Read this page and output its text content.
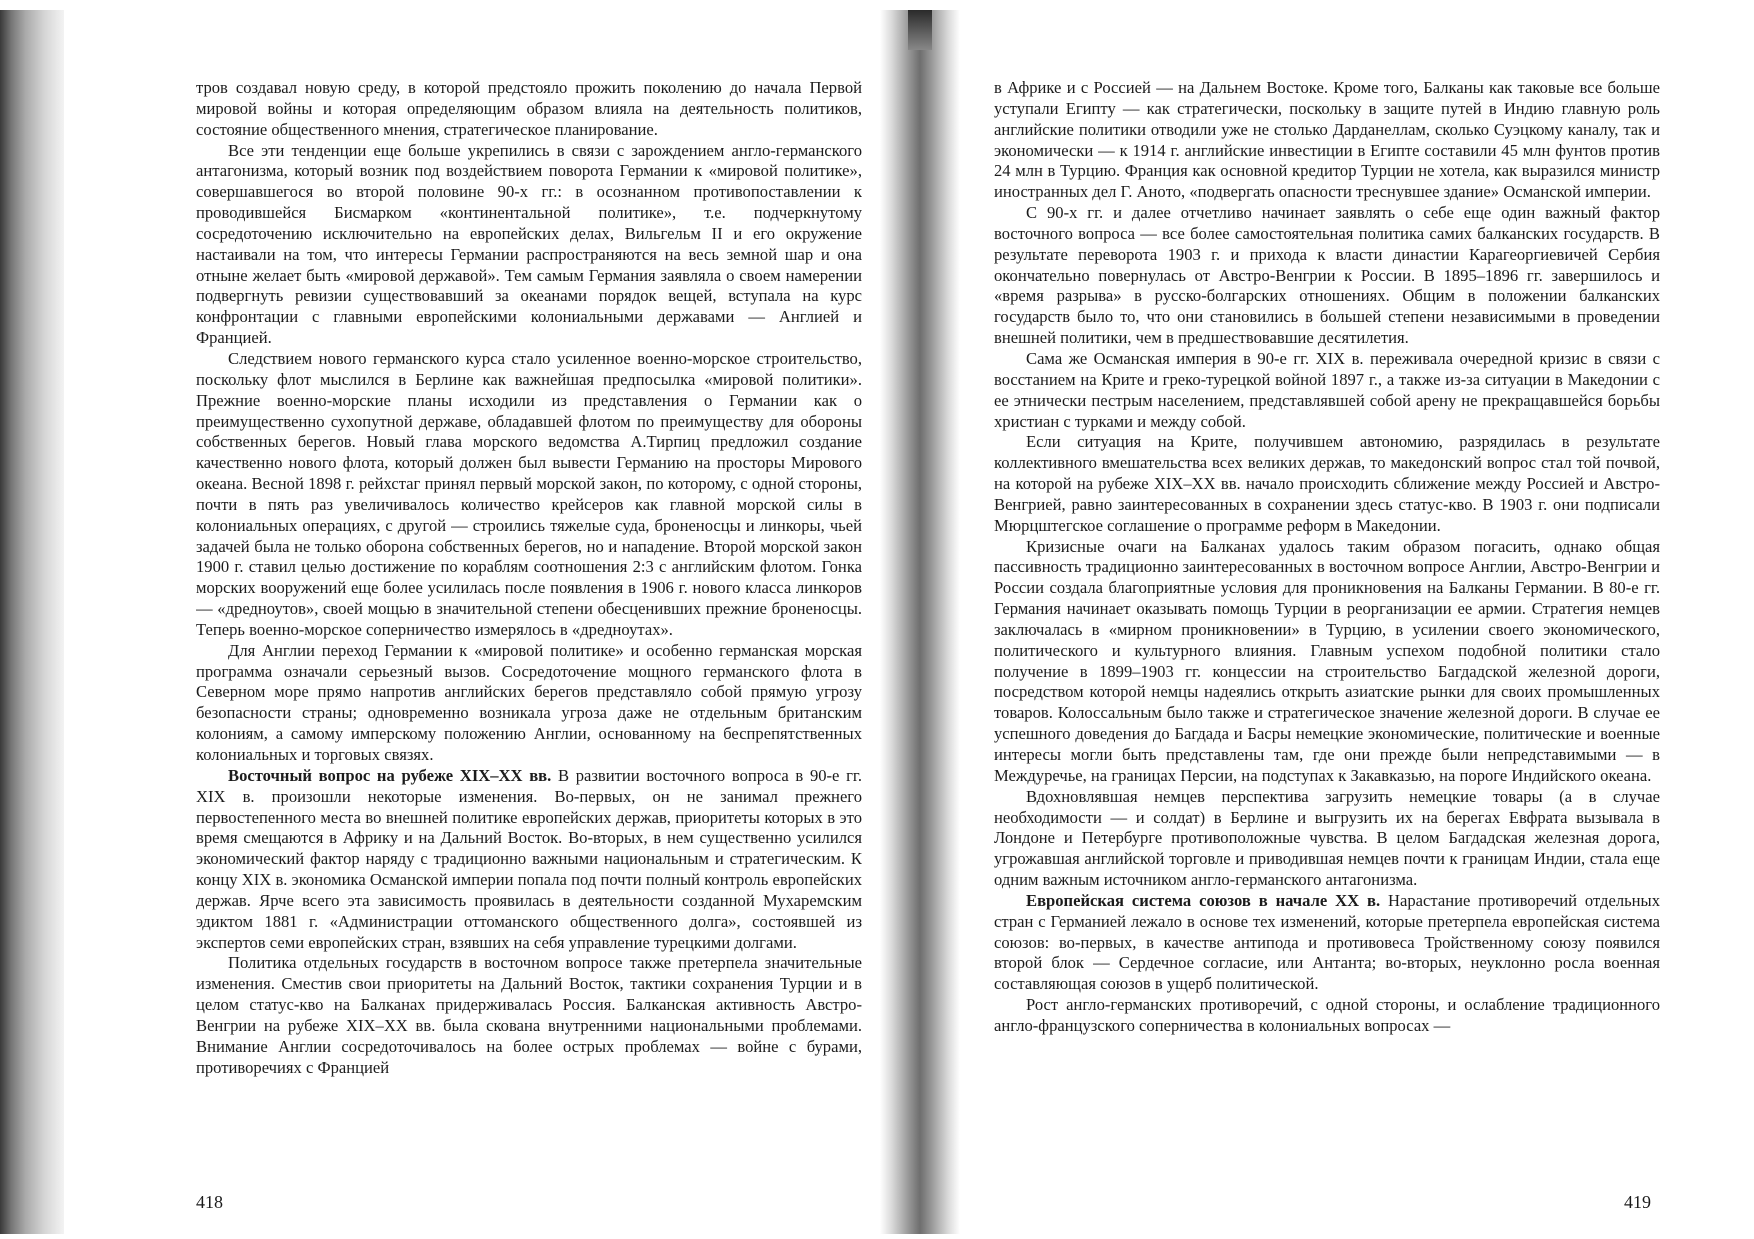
тров создавал новую среду, в которой предстояло прожить поколению до начала Первой мировой войны и которая определяющим образом влияла на деятельность политиков, состояние общественного мнения, стратегическое планирование.

Все эти тенденции еще больше укрепились в связи с зарождением англо-германского антагонизма, который возник под воздействием поворота Германии к «мировой политике», совершавшегося во второй половине 90-х гг.: в осознанном противопоставлении к проводившейся Бисмарком «континентальной политике», т.е. подчеркнутому сосредоточению исключительно на европейских делах, Вильгельм II и его окружение настаивали на том, что интересы Германии распространяются на весь земной шар и она отныне желает быть «мировой державой». Тем самым Германия заявляла о своем намерении подвергнуть ревизии существовавший за океанами порядок вещей, вступала на курс конфронтации с главными европейскими колониальными державами — Англией и Францией.

Следствием нового германского курса стало усиленное военно-морское строительство, поскольку флот мыслился в Берлине как важнейшая предпосылка «мировой политики». Прежние военно-морские планы исходили из представления о Германии как о преимущественно сухопутной державе, обладавшей флотом по преимуществу для обороны собственных берегов. Новый глава морского ведомства А.Тирпиц предложил создание качественно нового флота, который должен был вывести Германию на просторы Мирового океана. Весной 1898 г. рейхстаг принял первый морской закон, по которому, с одной стороны, почти в пять раз увеличивалось количество крейсеров как главной морской силы в колониальных операциях, с другой — строились тяжелые суда, броненосцы и линкоры, чьей задачей была не только оборона собственных берегов, но и нападение. Второй морской закон 1900 г. ставил целью достижение по кораблям соотношения 2:3 с английским флотом. Гонка морских вооружений еще более усилилась после появления в 1906 г. нового класса линкоров — «дредноутов», своей мощью в значительной степени обесценивших прежние броненосцы. Теперь военно-морское соперничество измерялось в «дредноутах».

Для Англии переход Германии к «мировой политике» и особенно германская морская программа означали серьезный вызов. Сосредоточение мощного германского флота в Северном море прямо напротив английских берегов представляло собой прямую угрозу безопасности страны; одновременно возникала угроза даже не отдельным британским колониям, а самому имперскому положению Англии, основанному на беспрепятственных колониальных и торговых связях.

Восточный вопрос на рубеже XIX–XX вв. В развитии восточного вопроса в 90-е гг. XIX в. произошли некоторые изменения. Во-первых, он не занимал прежнего первостепенного места во внешней политике европейских держав, приоритеты которых в это время смещаются в Африку и на Дальний Восток. Во-вторых, в нем существенно усилился экономический фактор наряду с традиционно важными национальным и стратегическим. К концу XIX в. экономика Османской империи попала под почти полный контроль европейских держав. Ярче всего эта зависимость проявилась в деятельности созданной Мухаремским эдиктом 1881 г. «Администрации оттоманского общественного долга», состоявшей из экспертов семи европейских стран, взявших на себя управление турецкими долгами.

Политика отдельных государств в восточном вопросе также претерпела значительные изменения. Сместив свои приоритеты на Дальний Восток, тактики сохранения Турции и в целом статус-кво на Балканах придерживалась Россия. Балканская активность Австро-Венгрии на рубеже XIX–XX вв. была скована внутренними национальными проблемами. Внимание Англии сосредоточивалось на более острых проблемах — войне с бурами, противоречиях с Францией

418

в Африке и с Россией — на Дальнем Востоке. Кроме того, Балканы как таковые все больше уступали Египту — как стратегически, поскольку в защите путей в Индию главную роль английские политики отводили уже не столько Дарданеллам, сколько Суэцкому каналу, так и экономически — к 1914 г. английские инвестиции в Египте составили 45 млн фунтов против 24 млн в Турцию. Франция как основной кредитор Турции не хотела, как выразился министр иностранных дел Г. Анoто, «подвергать опасности треснувшее здание» Османской империи.

С 90-х гг. и далее отчетливо начинает заявлять о себе еще один важный фактор восточного вопроса — все более самостоятельная политика самих балканских государств. В результате переворота 1903 г. и прихода к власти династии Карагеоргиевичей Сербия окончательно повернулась от Австро-Венгрии к России. В 1895–1896 гг. завершилось и «время разрыва» в русско-болгарских отношениях. Общим в положении балканских государств было то, что они становились в большей степени независимыми в проведении внешней политики, чем в предшествовавшие десятилетия.

Сама же Османская империя в 90-е гг. XIX в. переживала очередной кризис в связи с восстанием на Крите и греко-турецкой войной 1897 г., а также из-за ситуации в Македонии с ее этнически пестрым населением, представлявшей собой арену не прекращавшейся борьбы христиан с турками и между собой.

Если ситуация на Крите, получившем автономию, разрядилась в результате коллективного вмешательства всех великих держав, то македонский вопрос стал той почвой, на которой на рубеже XIX–XX вв. начало происходить сближение между Россией и Австро-Венгрией, равно заинтересованных в сохранении здесь статус-кво. В 1903 г. они подписали Мюрцштегское соглашение о программе реформ в Македонии.

Кризисные очаги на Балканах удалось таким образом погасить, однако общая пассивность традиционно заинтересованных в восточном вопросе Англии, Австро-Венгрии и России создала благоприятные условия для проникновения на Балканы Германии. В 80-е гг. Германия начинает оказывать помощь Турции в реорганизации ее армии. Стратегия немцев заключалась в «мирном проникновении» в Турцию, в усилении своего экономического, политического и культурного влияния. Главным успехом подобной политики стало получение в 1899–1903 гг. концессии на строительство Багдадской железной дороги, посредством которой немцы надеялись открыть азиатские рынки для своих промышленных товаров. Колоссальным было также и стратегическое значение железной дороги. В случае ее успешного доведения до Багдада и Басры немецкие экономические, политические и военные интересы могли быть представлены там, где они прежде были непредставимыми — в Междуречье, на границах Персии, на подступах к Закавказью, на пороге Индийского океана.

Вдохновлявшая немцев перспектива загрузить немецкие товары (а в случае необходимости — и солдат) в Берлине и выгрузить их на берегах Евфрата вызывала в Лондоне и Петербурге противоположные чувства. В целом Багдадская железная дорога, угрожавшая английской торговле и приводившая немцев почти к границам Индии, стала еще одним важным источником англо-германского антагонизма.

Европейская система союзов в начале XX в. Нарастание противоречий отдельных стран с Германией лежало в основе тех изменений, которые претерпела европейская система союзов: во-первых, в качестве антипода и противовеса Тройственному союзу появился второй блок — Сердечное согласие, или Антанта; во-вторых, неуклонно росла военная составляющая союзов в ущерб политической.

Рост англо-германских противоречий, с одной стороны, и ослабление традиционного англо-французского соперничества в колониальных вопросах —

419
